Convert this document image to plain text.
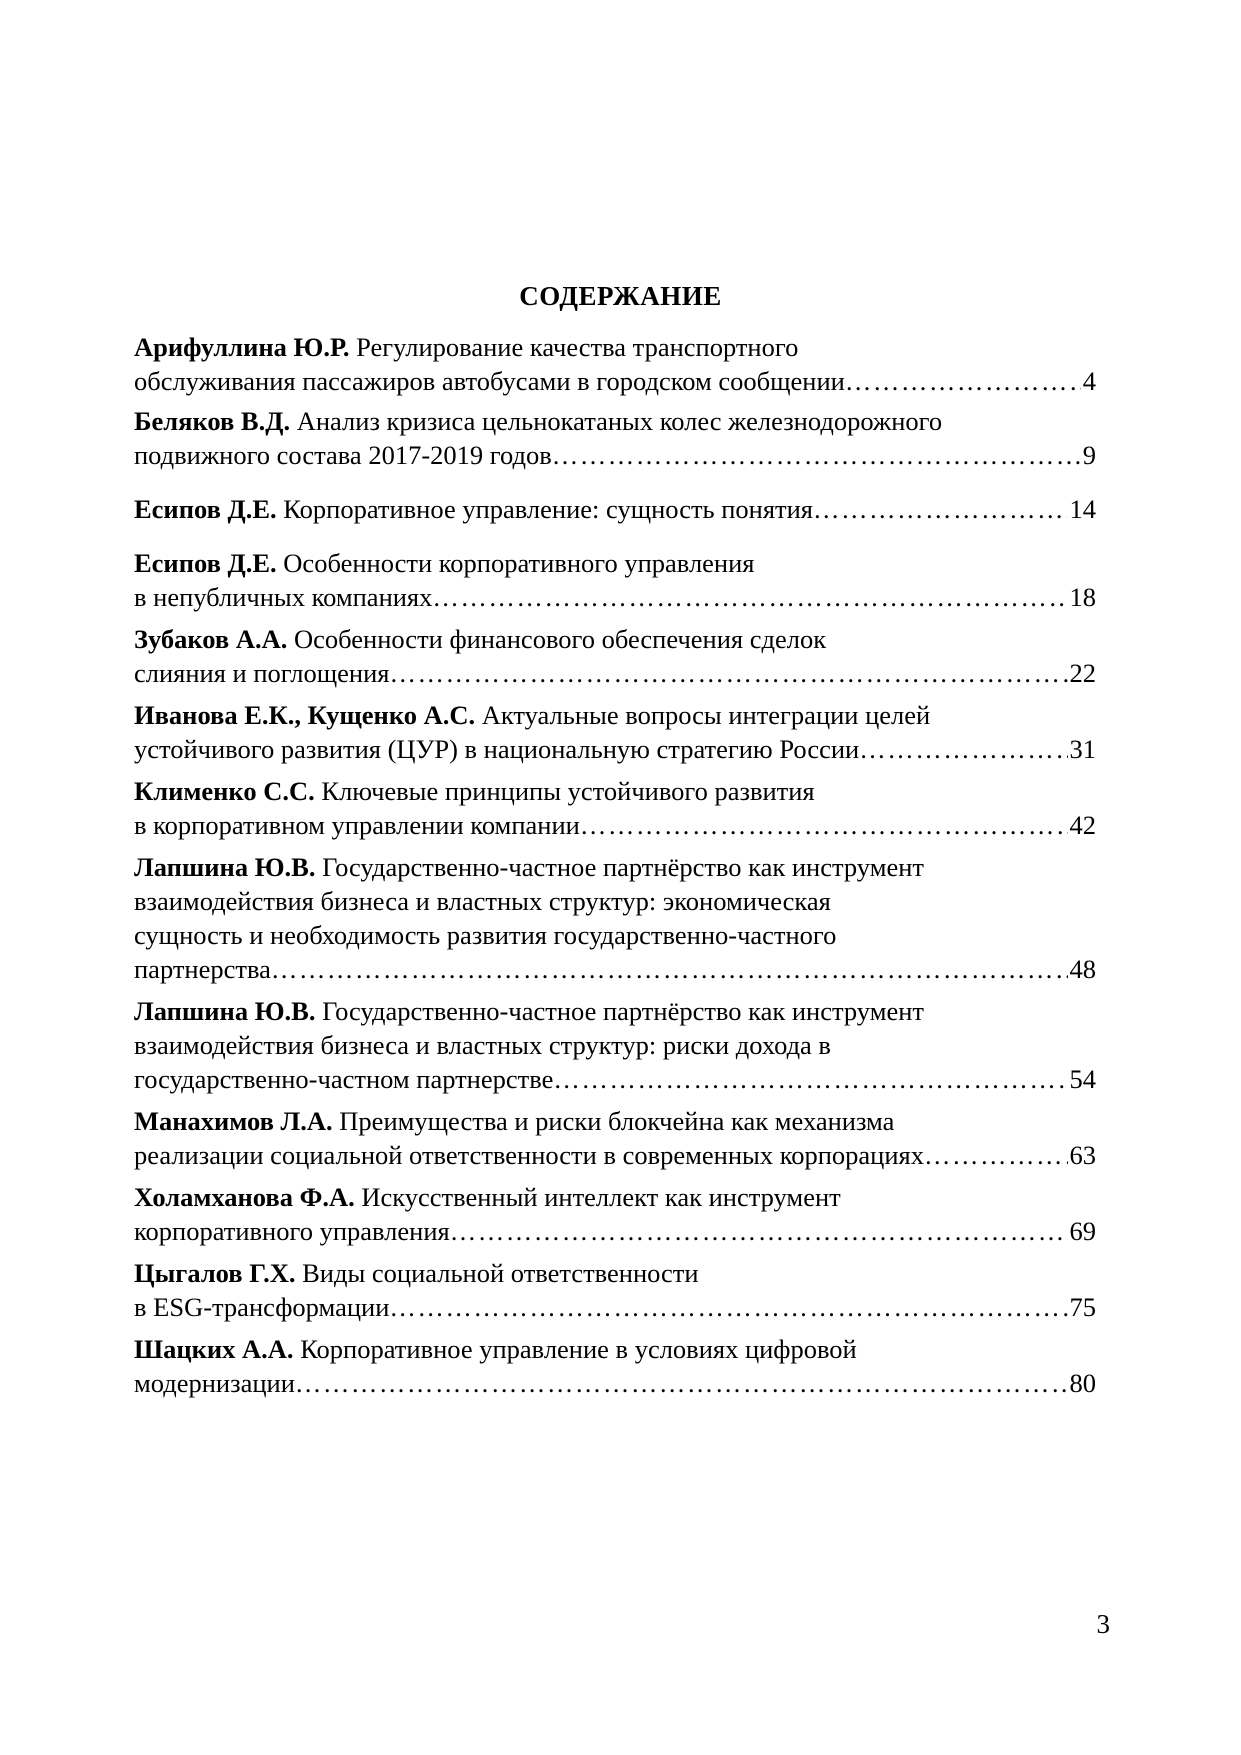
СОДЕРЖАНИЕ
Арифуллина Ю.Р. Регулирование качества транспортного
обслуживания пассажиров автобусами в городском сообщении ……………………………………………………………………………………………………………………………………………………	4
Беляков В.Д. Анализ кризиса цельнокатаных колес железнодорожного
подвижного состава 2017-2019 годов ……………………………………………………………………………………………………………………………………………………	9
Есипов Д.Е. Корпоративное управление: сущность понятия ……………………………………………………………………………………………………………………………………………………	14
Есипов Д.Е. Особенности корпоративного управления
в непубличных компаниях ……………………………………………………………………………………………………………………………………………………	18
Зубаков А.А. Особенности финансового обеспечения сделок
слияния и поглощения ……………………………………………………………………………………………………………………………………………………	22
Иванова Е.К., Кущенко А.С. Актуальные вопросы интеграции целей
устойчивого развития (ЦУР) в национальную стратегию России ……………………………………………………………………………………………………………………………………………………	31
Клименко С.С. Ключевые принципы устойчивого развития
в корпоративном управлении компании ……………………………………………………………………………………………………………………………………………………	42
Лапшина Ю.В. Государственно-частное партнёрство как инструмент
взаимодействия бизнеса и властных структур: экономическая
сущность и необходимость развития государственно-частного
партнерства ……………………………………………………………………………………………………………………………………………………	48
Лапшина Ю.В. Государственно-частное партнёрство как инструмент
взаимодействия бизнеса и властных структур: риски дохода в
государственно-частном партнерстве ……………………………………………………………………………………………………………………………………………………	54
Манахимов Л.А. Преимущества и риски блокчейна как механизма
реализации социальной ответственности в современных корпорациях ……………………………………………………………………………………………………………………………………………………	63
Холамханова Ф.А. Искусственный интеллект как инструмент
корпоративного управления ……………………………………………………………………………………………………………………………………………………	69
Цыгалов Г.Х. Виды социальной ответственности
в ESG-трансформации ……………………………………………………………………………………………………………………………………………………	75
Шацких А.А. Корпоративное управление в условиях цифровой
модернизации ……………………………………………………………………………………………………………………………………………………	80
3
